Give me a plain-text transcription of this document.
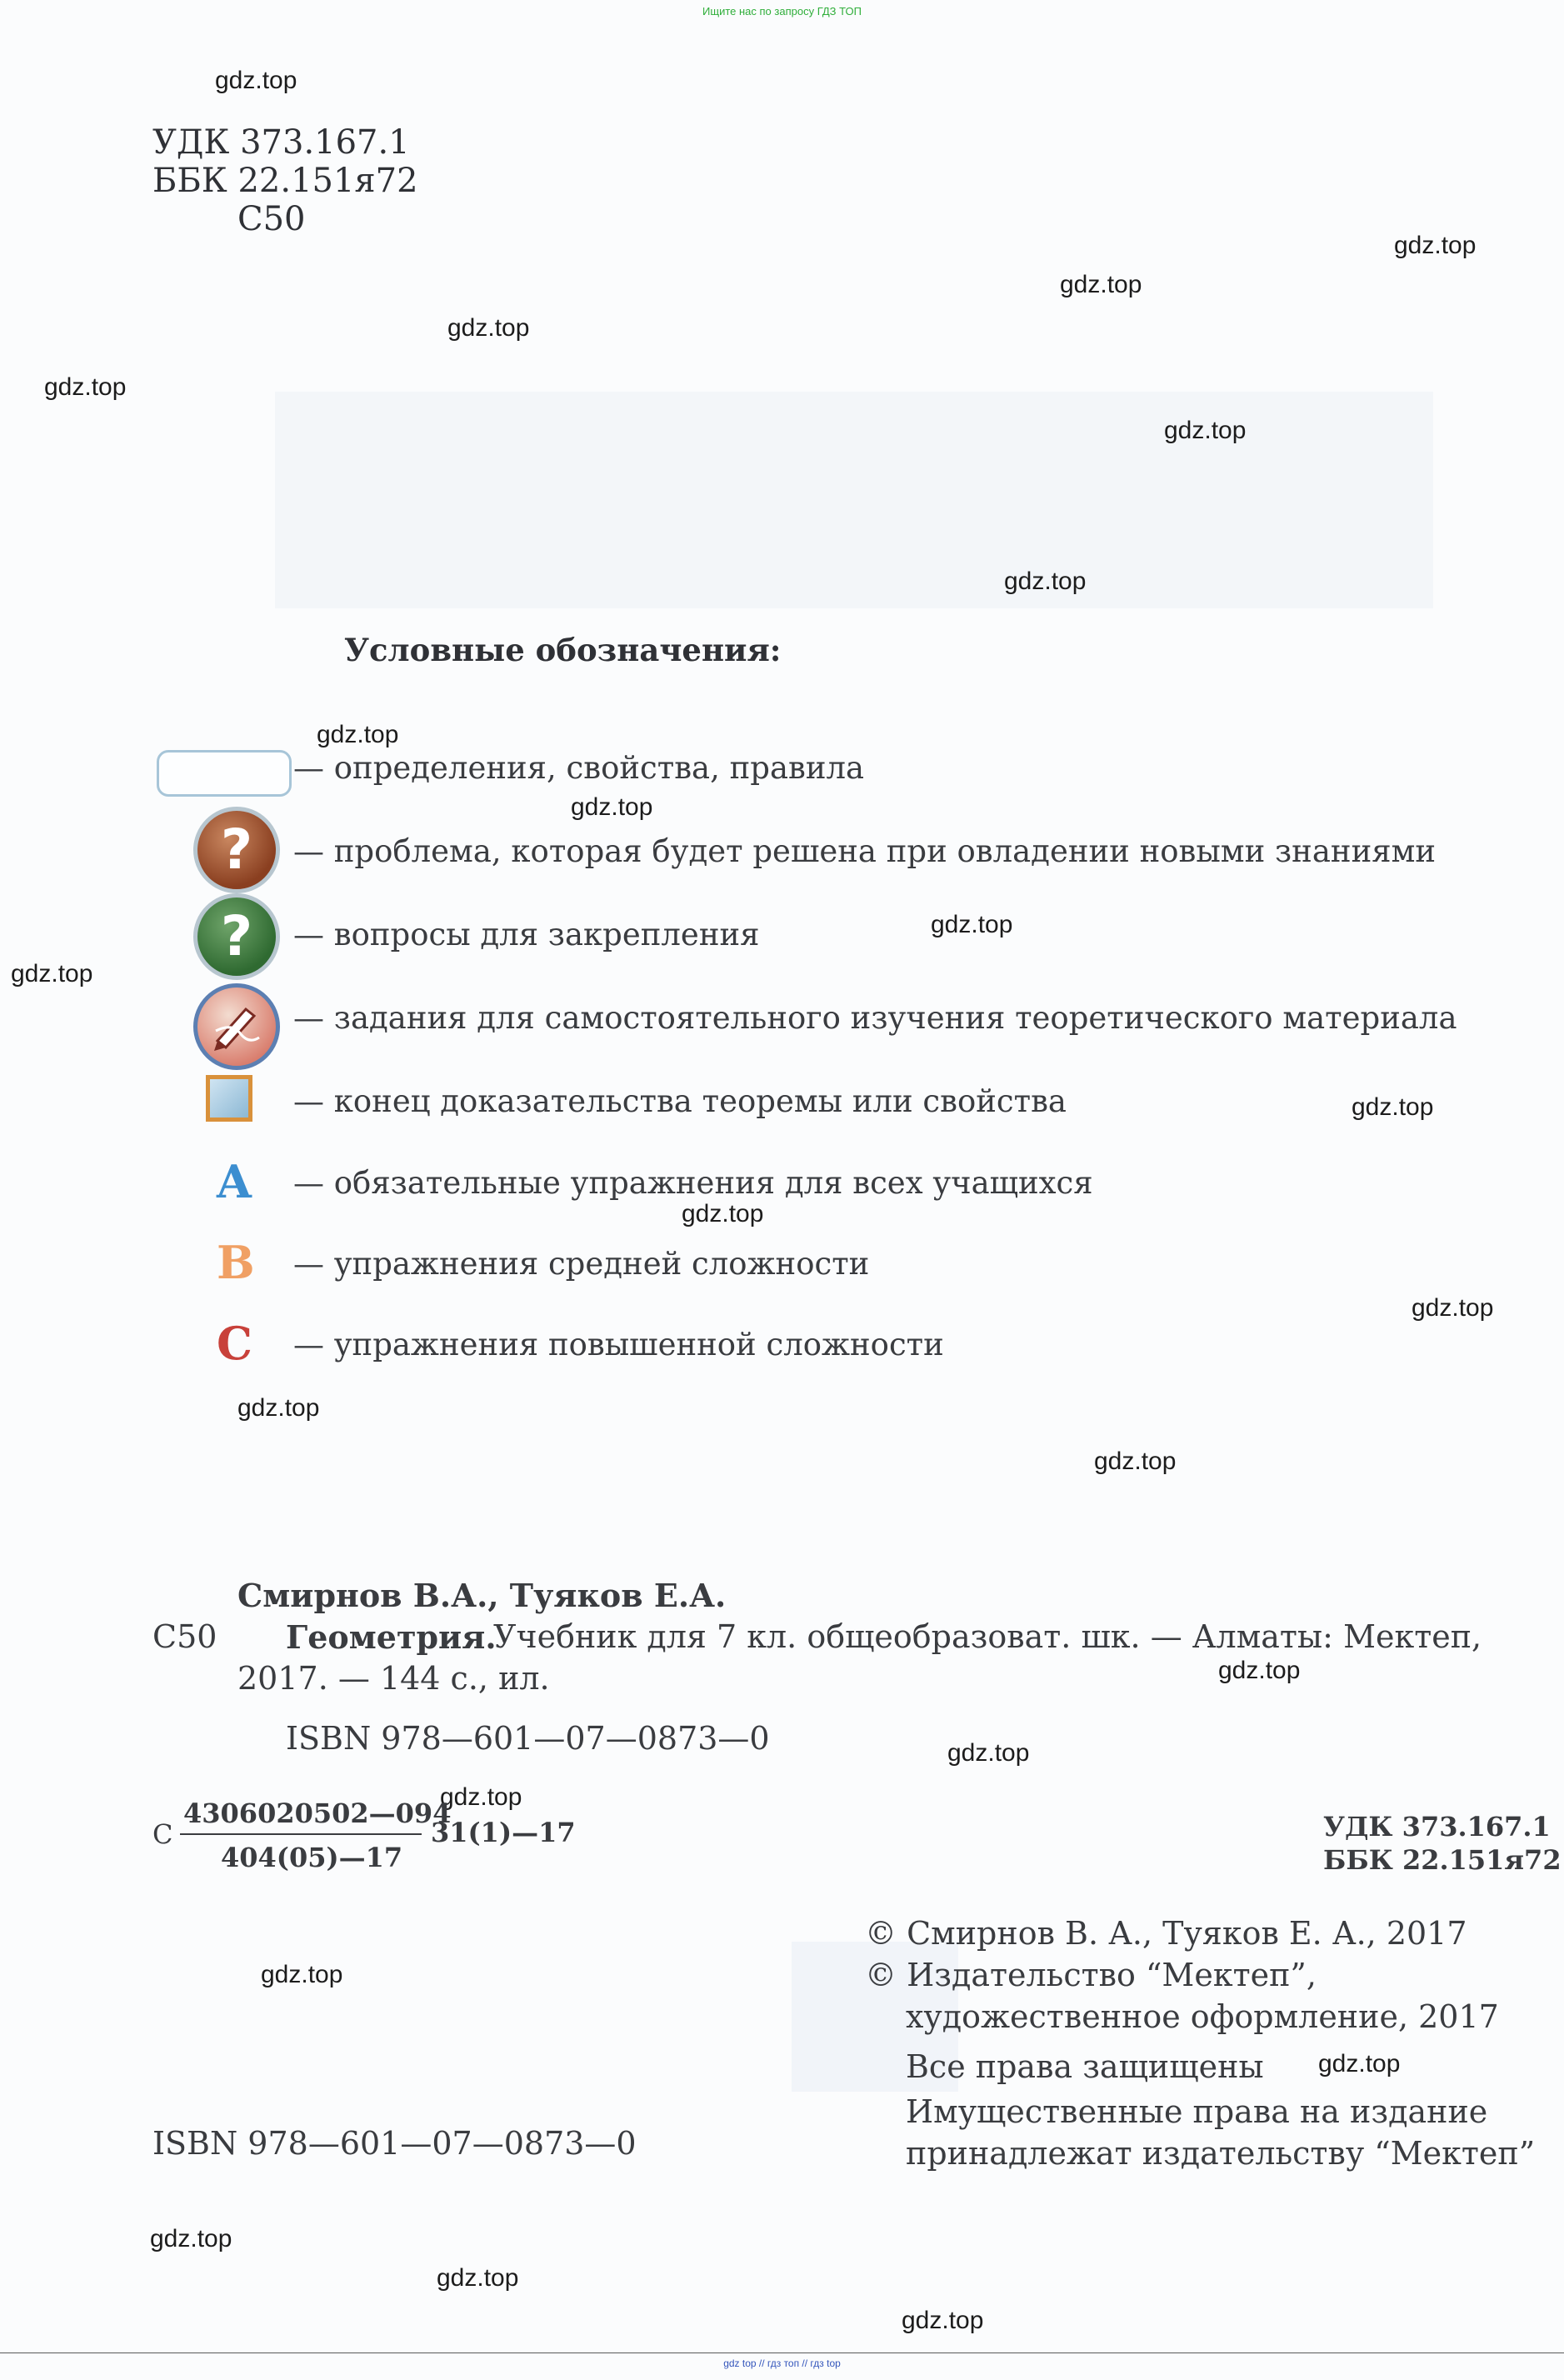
Ищите нас по запросу ГДЗ ТОП
gdz.top
gdz.top
gdz.top
gdz.top
gdz.top
gdz.top
gdz.top
gdz.top
gdz.top
gdz.top
gdz.top
gdz.top
gdz.top
gdz.top
gdz.top
gdz.top
gdz.top
gdz.top
gdz.top
gdz.top
gdz.top
gdz.top
gdz.top
gdz.top
УДК 373.167.1
ББК 22.151я72
С50
Условные обозначения:
— определения, свойства, правила
? — проблема, которая будет решена при овладении новыми знаниями
? — вопросы для закрепления
— задания для самостоятельного изучения теоретического материала
— конец доказательства теоремы или свойства
A — обязательные упражнения для всех учащихся
B — упражнения средней сложности
C — упражнения повышенной сложности
Смирнов В.А., Туяков Е.А.
С50 Геометрия.
Учебник для 7 кл. общеобразоват. шк. — Алматы: Мектеп,
2017. — 144 с., ил.
ISBN 978—601—07—0873—0
С
4306020502—094
404(05)—17
31(1)—17	УДК 373.167.1
ББК 22.151я72
© Смирнов В. А., Туяков Е. А., 2017
© Издательство “Мектеп”,
художественное оформление, 2017
Все права защищены
Имущественные права на издание
принадлежат издательству “Мектеп”
ISBN 978—601—07—0873—0
gdz top // гдз топ // гдз top
